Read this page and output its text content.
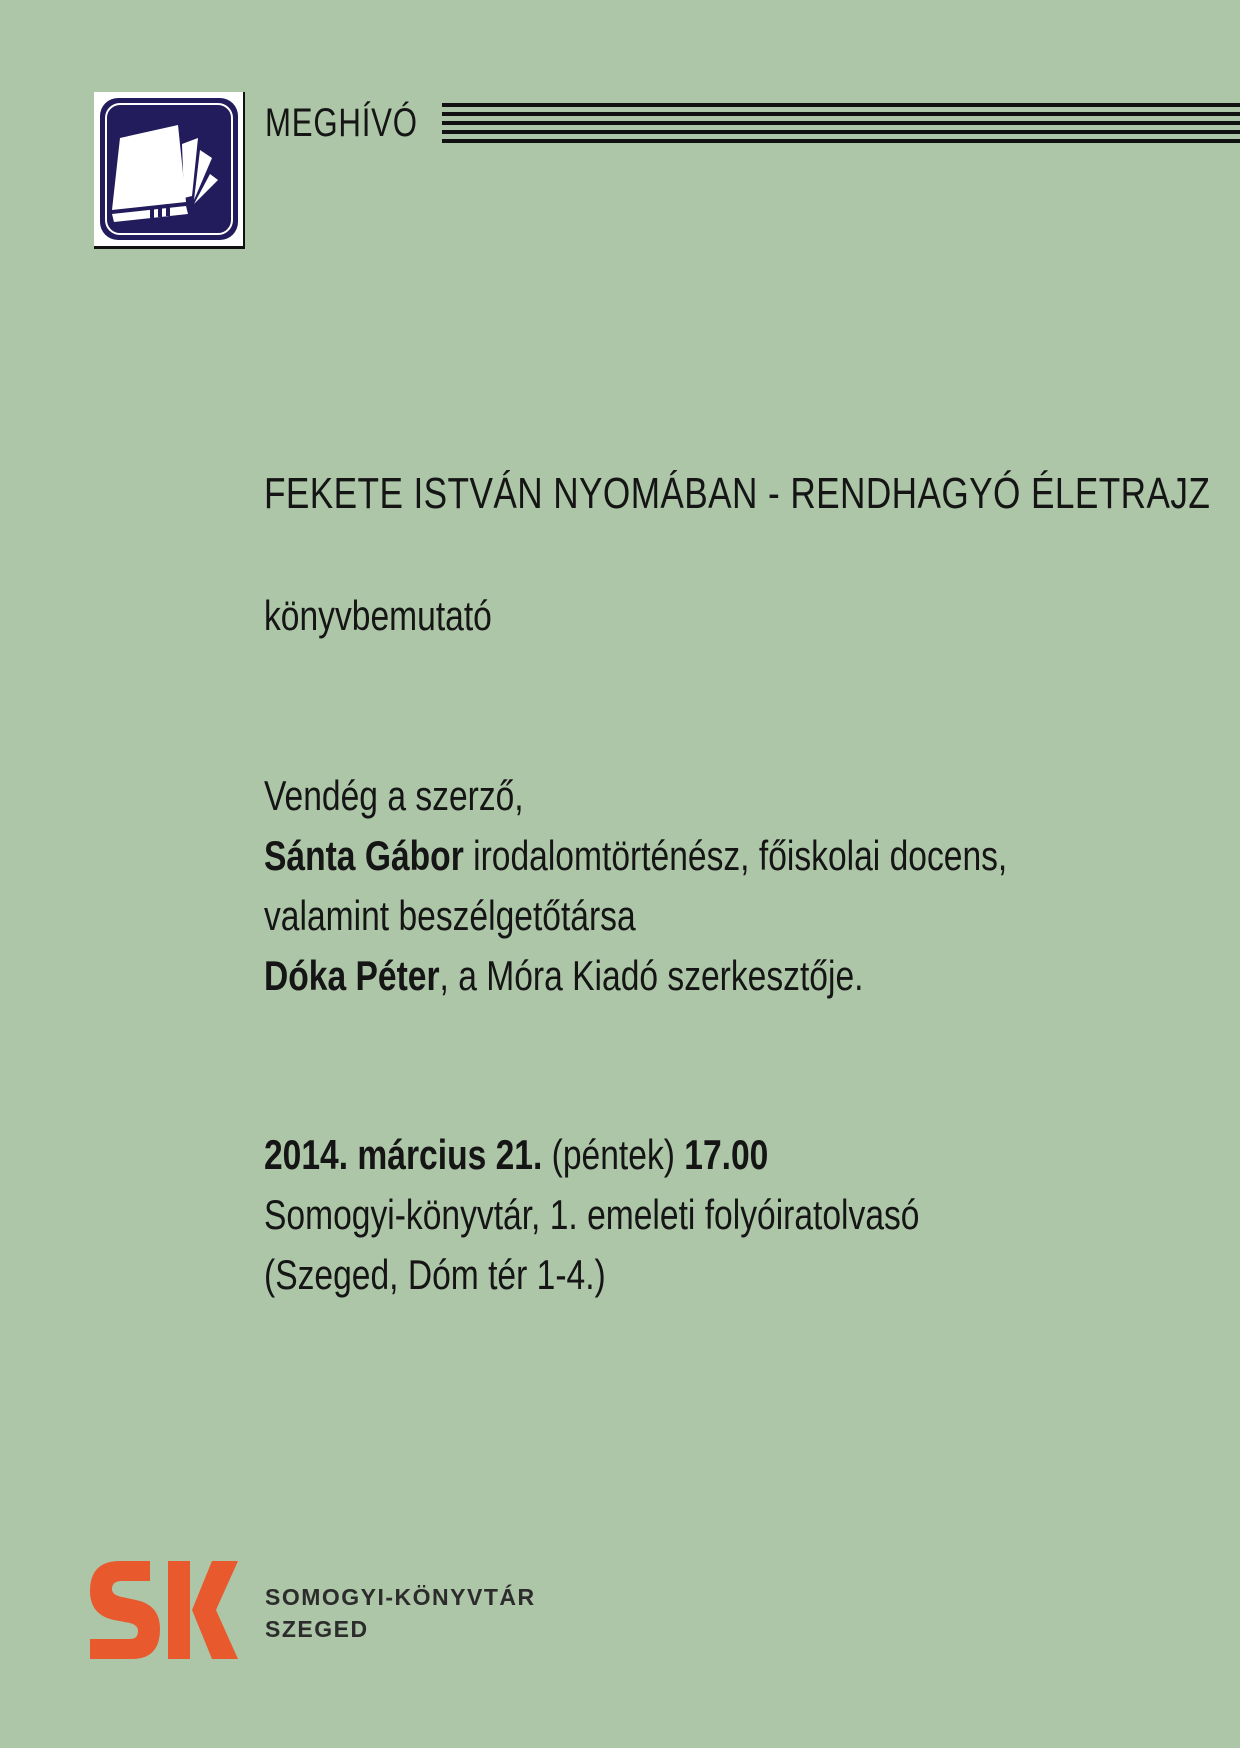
MEGHÍVÓ
FEKETE ISTVÁN NYOMÁBAN - RENDHAGYÓ ÉLETRAJZ
könyvbemutató
Vendég a szerző,
Sánta Gábor irodalomtörténész, főiskolai docens,
valamint beszélgetőtársa
Dóka Péter, a Móra Kiadó szerkesztője.
2014. március 21. (péntek) 17.00
Somogyi-könyvtár, 1. emeleti folyóiratolvasó
(Szeged, Dóm tér 1-4.)
SOMOGYI-KÖNYVTÁR
SZEGED
